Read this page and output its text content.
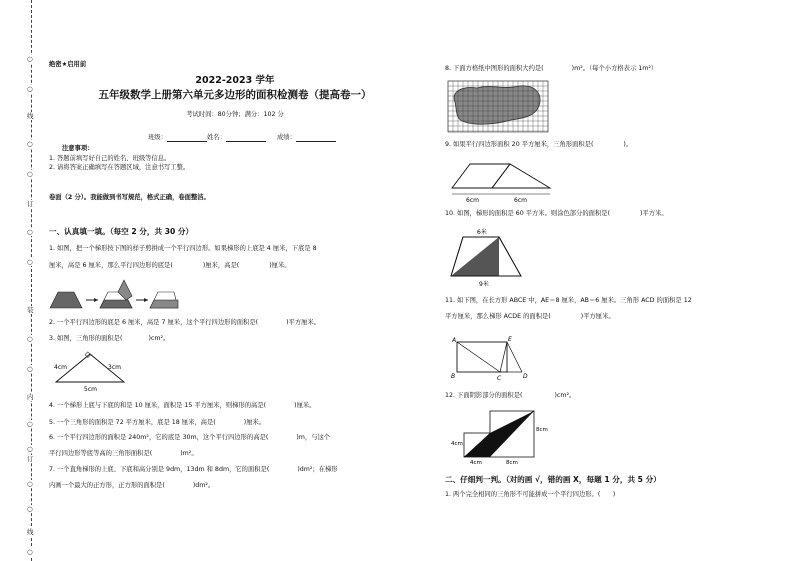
○
○
线
○
○
订
○
○
装
○
○
内
○
○
订
○
○
线
○
绝密★启用前
2022-2023 学年
五年级数学上册第六单元多边形的面积检测卷（提高卷一）
考试时间：80分钟；满分：102 分
班级：	姓名：	成绩：
注意事项：
1. 答题前填写好自己的姓名、班级等信息。
2. 请将答案正确填写在答题区域，注意书写工整。
卷面（2 分）。我能做到书写规范，格式正确，卷面整洁。
一、认真填一填。（每空 2 分，共 30 分）
1. 如图，把一个梯形按下图的样子剪拼成一个平行四边形。如果梯形的上底是 4 厘米，下底是 8
厘米，高是 6 厘米，那么平行四边形的底是(	)厘米，高是(	)厘米。
2. 一个平行四边形的底是 6 厘米，高是 7 厘米，这个平行四边形的面积是(	)平方厘米。
3. 如图，三角形的面积是(	)cm²。
4cm	3cm
5cm
4. 一个梯形上底与下底的和是 10 厘米，面积是 15 平方厘米，则梯形的高是(	)厘米。
5. 一个三角形的面积是 72 平方厘米，底是 18 厘米，高是(	)厘米。
6. 一个平行四边形的面积是 240m²，它的底是 30m，这个平行四边形的高是(	)m，与这个
平行四边形等底等高的三角形面积是(	)m²。
7. 一个直角梯形的上底、下底和高分别是 9dm，13dm 和 8dm，它的面积是(	)dm²；在梯形
内画一个最大的正方形，正方形的面积是(	)dm²。
8. 下面方格纸中图形的面积大约是(	)m²。（每个小方格表示 1m²）
9. 如果平行四边形面积 20 平方厘米，三角形面积是(	)。
6cm	6cm
10. 如图，梯形的面积是 60 平方米。则涂色部分的面积是(	)平方米。
6米
9米
11. 如下图，在长方形 ABCE 中，AE＝8 厘米，AB＝6 厘米。三角形 ACD 的面积是 12
平方厘米，那么梯形 ACDE 的面积是(	)平方厘米。
A	E
B	C	D
12. 下面阴影部分的面积是(	)cm²。
4cm
4cm	8cm
8cm
二、仔细判一判。（对的画 √，错的画 X，每题 1 分，共 5 分）
1. 两个完全相同的三角形不可能拼成一个平行四边形。(　　)
